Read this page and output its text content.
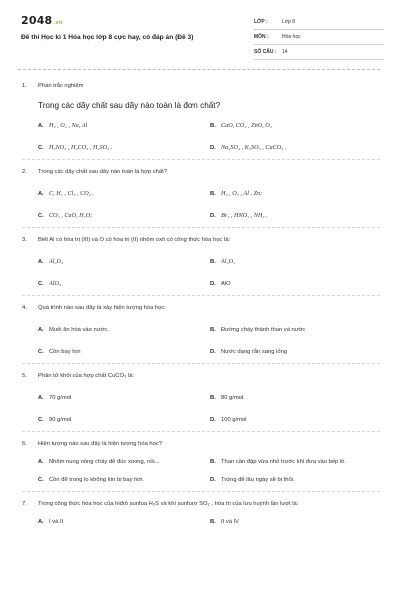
2048.vn
Đề thi Học kì 1 Hóa học lớp 8 cực hay, có đáp án (Đề 3)
LỚP :	Lớp 8
MÔN :	Hóa học
SỐ CÂU :	14
1.	Phần trắc nghiệm
Trong các dãy chất sau dãy nào toàn là đơn chất?
A. H₂ , O₂ , Na, Al	B. CaO, CO₂ , ZnO, O₂
C. H₂NO₃ , H₂CO₃ , H₂SO₄ .	D. Na₂SO₄ , K₂SO₃ , CuCO₃ .
2.	Trong các dãy chất sau dãy nào toàn là hợp chất?
A. C, H₂ , Cl₂ , CO₂ .	B. H₂ , O₂ , Al , Zn;
C. CO₂ , CaO, H₂O;	D. Br₂ , HNO₃ , NH₃ .
3.	Biết Al có hóa trị (III) và O có hóa trị (II) nhôm oxit có công thức hóa học là:
A. Al₂O₃	B. Al₃O₂
C. AlO₃	D. AlO
4.	Quá trình nào sau đây là xảy hiện tượng hóa học:
A. Muối ăn hòa vào nước.	B. Đường cháy thành than và nước
C. Cồn bay hơi	D. Nước dạng rắn sang lỏng
5.	Phân tử khối của hợp chất CuCO₃ là:
A. 70 g/mol	B. 80 g/mol
C. 90 g/mol	D. 100 g/mol
6.	Hiện tượng nào sau đây là hiện tượng hóa học?
A. Nhôm nung nóng chảy để đúc xoong, nồi...	B. Than cần đập vừa nhỏ trước khi đưa vào bếp lò.
C. Cồn để trong lọ không kín bị bay hơi.	D. Trứng để lâu ngày sẽ bị thối.
7.	Trong công thức hóa học của hiđrô sunfua H₂S và khí sunfurơ SO₂ , hóa trị của lưu huỳnh lần lượt là:
A. I và II	B. II và IV
